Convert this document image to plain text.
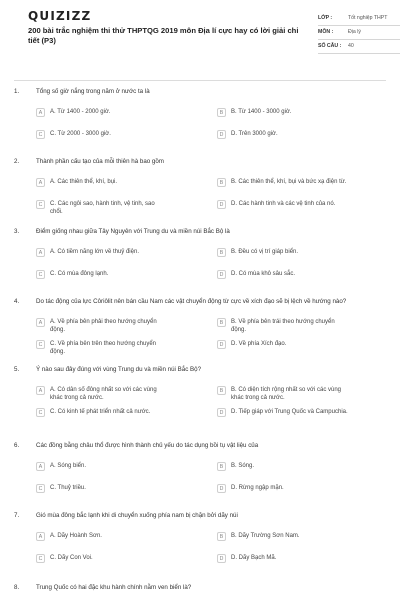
QUIZIZZ
200 bài trắc nghiệm thi thử THPTQG 2019 môn Địa lí cực hay có lời giải chi tiết (P3)
LỚP :	Tốt nghiệp THPT
MÔN :	Địa lý
SỐ CÂU :	40
1.	Tổng số giờ nắng trong năm ở nước ta là
A	A. Từ 1400 - 2000 giờ.	B	B. Từ 1400 - 3000 giờ.
C	C. Từ 2000 - 3000 giờ.	D	D. Trên 3000 giờ.
2.	Thành phần cấu tạo của mỗi thiên hà bao gồm
A	A. Các thiên thể, khí, bụi.	B	B. Các thiên thể, khí, bụi và bức xạ điện từ.
C	C. Các ngôi sao, hành tinh, vệ tinh, sao chổi.
D	D. Các hành tinh và các vệ tinh của nó.
3.	Điểm giống nhau giữa Tây Nguyên với Trung du và miền núi Bắc Bộ là
A	A. Có tiềm năng lớn về thuỷ điện.	B	B. Đều có vị trí giáp biển.
C	C. Có mùa đông lạnh.	D	D. Có mùa khô sâu sắc.
4.	Do tác động của lực Côriôlit nên bán cầu Nam các vật chuyển động từ cực về xích đạo sẽ bị lệch về hướng nào?
A	A. Về phía bên phải theo hướng chuyển động.
B	B. Về phía bên trái theo hướng chuyển động.
C	C. Về phía bên trên theo hướng chuyển động.
D	D. Về phía Xích đạo.
5.	Ý nào sau đây đúng với vùng Trung du và miền núi Bắc Bộ?
A	A. Có dân số đông nhất so với các vùng khác trong cả nước.
B	B. Có diện tích rộng nhất so với các vùng khác trong cả nước.
C	C. Có kinh tế phát triển nhất cả nước.	D	D. Tiếp giáp với Trung Quốc và Campuchia.
6.	Các đồng bằng châu thổ được hình thành chủ yếu do tác dụng bồi tụ vật liệu của
A	A. Sóng biển.	B	B. Sóng.
C	C. Thuỷ triều.	D	D. Rừng ngập mặn.
7.	Gió mùa đông bắc lạnh khi di chuyển xuống phía nam bị chặn bởi dãy núi
A	A. Dãy Hoành Sơn.	B	B. Dãy Trường Sơn Nam.
C	C. Dãy Con Voi.	D	D. Dãy Bạch Mã.
8.	Trung Quốc có hai đặc khu hành chính nằm ven biển là?
